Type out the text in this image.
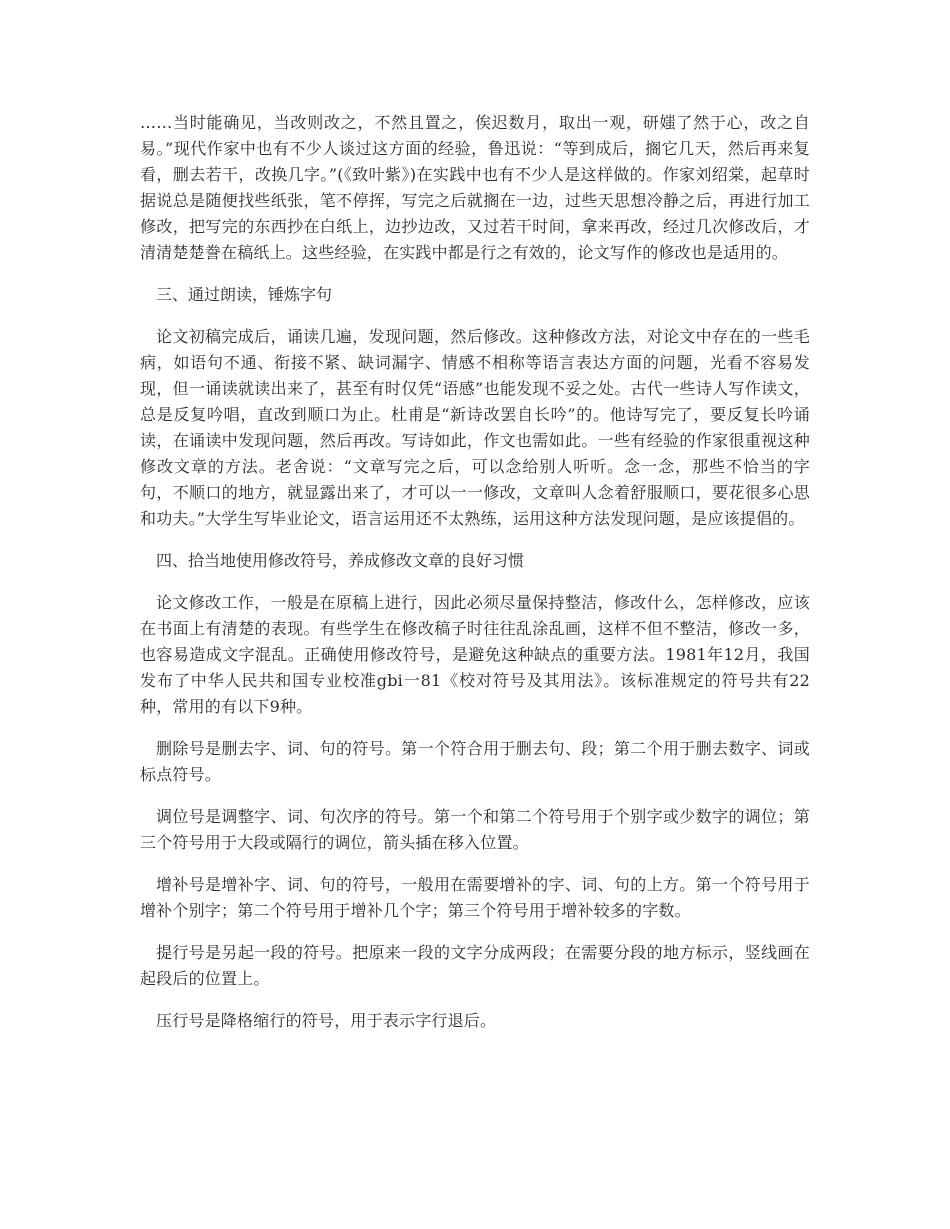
……当时能确见，当改则改之，不然且置之，俟迟数月，取出一观，研媸了然于心，改之自易。”现代作家中也有不少人谈过这方面的经验，鲁迅说：“等到成后，搁它几天，然后再来复看，删去若干，改换几字。”(《致叶紫》)在实践中也有不少人是这样做的。作家刘绍棠，起草时据说总是随便找些纸张，笔不停挥，写完之后就搁在一边，过些天思想冷静之后，再进行加工修改，把写完的东西抄在白纸上，边抄边改，又过若干时间，拿来再改，经过几次修改后，才清清楚楚誊在稿纸上。这些经验，在实践中都是行之有效的，论文写作的修改也是适用的。

三、通过朗读，锤炼字句

论文初稿完成后，诵读几遍，发现问题，然后修改。这种修改方法，对论文中存在的一些毛病，如语句不通、衔接不紧、缺词漏字、情感不相称等语言表达方面的问题，光看不容易发现，但一诵读就读出来了，甚至有时仅凭“语感”也能发现不妥之处。古代一些诗人写作读文，总是反复吟唱，直改到顺口为止。杜甫是“新诗改罢自长吟”的。他诗写完了，要反复长吟诵读，在诵读中发现问题，然后再改。写诗如此，作文也需如此。一些有经验的作家很重视这种修改文章的方法。老舍说：“文章写完之后，可以念给别人听听。念一念，那些不恰当的字句，不顺口的地方，就显露出来了，才可以一一修改，文章叫人念着舒服顺口，要花很多心思和功夫。”大学生写毕业论文，语言运用还不太熟练，运用这种方法发现问题，是应该提倡的。

四、拾当地使用修改符号，养成修改文章的良好习惯

论文修改工作，一般是在原稿上进行，因此必须尽量保持整洁，修改什么，怎样修改，应该在书面上有清楚的表现。有些学生在修改稿子时往往乱涂乱画，这样不但不整洁，修改一多，也容易造成文字混乱。正确使用修改符号，是避免这种缺点的重要方法。1981年12月，我国发布了中华人民共和国专业校准gbi一81《校对符号及其用法》。该标准规定的符号共有22种，常用的有以下9种。

删除号是删去字、词、句的符号。第一个符合用于删去句、段；第二个用于删去数字、词或标点符号。

调位号是调整字、词、句次序的符号。第一个和第二个符号用于个别字或少数字的调位；第三个符号用于大段或隔行的调位，箭头插在移入位置。

增补号是增补字、词、句的符号，一般用在需要增补的字、词、句的上方。第一个符号用于增补个别字；第二个符号用于增补几个字；第三个符号用于增补较多的字数。

提行号是另起一段的符号。把原来一段的文字分成两段；在需要分段的地方标示，竖线画在起段后的位置上。

压行号是降格缩行的符号，用于表示字行退后。
